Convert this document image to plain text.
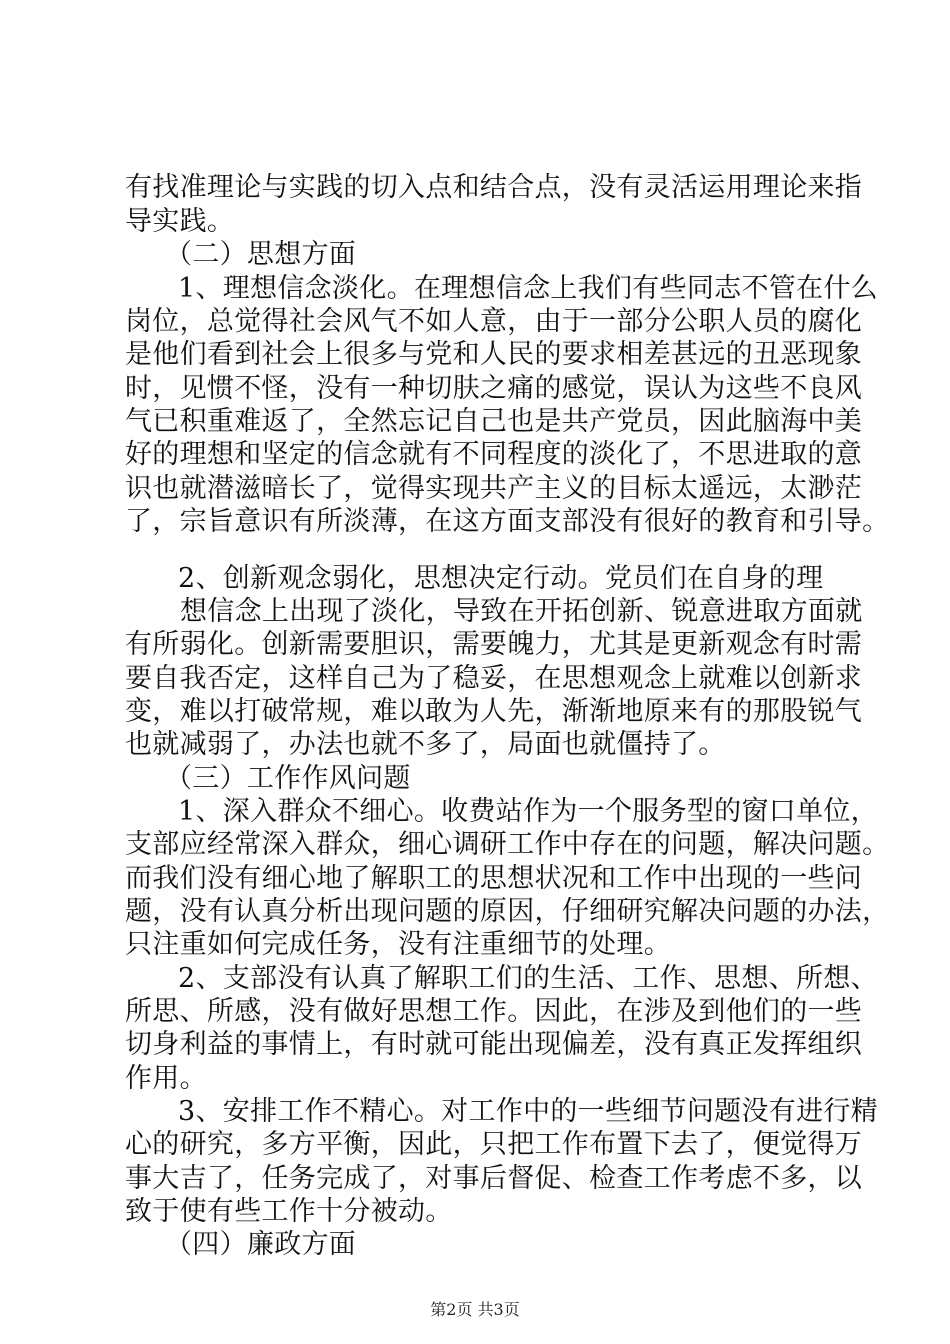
有找准理论与实践的切入点和结合点，没有灵活运用理论来指
导实践。
（二）思想方面
1、理想信念淡化。在理想信念上我们有些同志不管在什么
岗位，总觉得社会风气不如人意，由于一部分公职人员的腐化
是他们看到社会上很多与党和人民的要求相差甚远的丑恶现象
时，见惯不怪，没有一种切肤之痛的感觉，误认为这些不良风
气已积重难返了，全然忘记自己也是共产党员，因此脑海中美
好的理想和坚定的信念就有不同程度的淡化了，不思进取的意
识也就潜滋暗长了，觉得实现共产主义的目标太遥远，太渺茫
了，宗旨意识有所淡薄，在这方面支部没有很好的教育和引导。
2、创新观念弱化，思想决定行动。党员们在自身的理
想信念上出现了淡化，导致在开拓创新、锐意进取方面就
有所弱化。创新需要胆识，需要魄力，尤其是更新观念有时需
要自我否定，这样自己为了稳妥，在思想观念上就难以创新求
变，难以打破常规，难以敢为人先，渐渐地原来有的那股锐气
也就减弱了，办法也就不多了，局面也就僵持了。
（三）工作作风问题
1、深入群众不细心。收费站作为一个服务型的窗口单位，
支部应经常深入群众，细心调研工作中存在的问题，解决问题。
而我们没有细心地了解职工的思想状况和工作中出现的一些问
题，没有认真分析出现问题的原因，仔细研究解决问题的办法，
只注重如何完成任务，没有注重细节的处理。
2、支部没有认真了解职工们的生活、工作、思想、所想、
所思、所感，没有做好思想工作。因此，在涉及到他们的一些
切身利益的事情上，有时就可能出现偏差，没有真正发挥组织
作用。
3、安排工作不精心。对工作中的一些细节问题没有进行精
心的研究，多方平衡，因此，只把工作布置下去了，便觉得万
事大吉了，任务完成了，对事后督促、检查工作考虑不多，以
致于使有些工作十分被动。
（四）廉政方面
第2页 共3页
